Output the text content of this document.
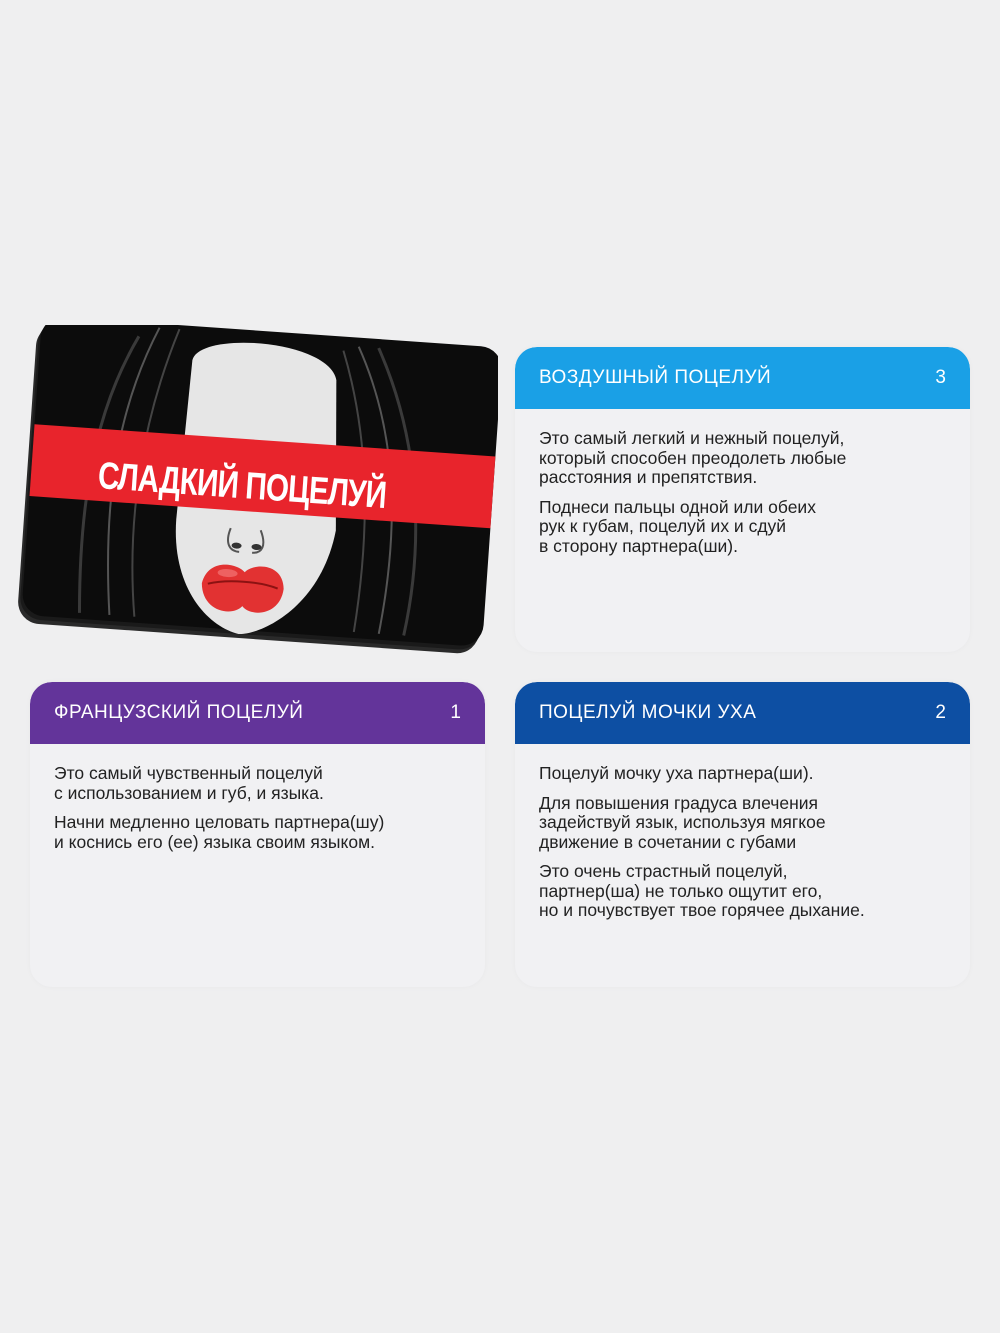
СЛАДКИЙ ПОЦЕЛУЙ
ВОЗДУШНЫЙ ПОЦЕЛУЙ	3

Это самый легкий и нежный поцелуй,
который способен преодолеть любые
расстояния и препятствия.

Поднеси пальцы одной или обеих
рук к губам, поцелуй их и сдуй
в сторону партнера(ши).

ФРАНЦУЗСКИЙ ПОЦЕЛУЙ	1

Это самый чувственный поцелуй
с использованием и губ, и языка.

Начни медленно целовать партнера(шу)
и коснись его (ее) языка своим языком.

ПОЦЕЛУЙ МОЧКИ УХА	2

Поцелуй мочку уха партнера(ши).

Для повышения градуса влечения
задействуй язык, используя мягкое
движение в сочетании с губами

Это очень страстный поцелуй,
партнер(ша) не только ощутит его,
но и почувствует твое горячее дыхание.
